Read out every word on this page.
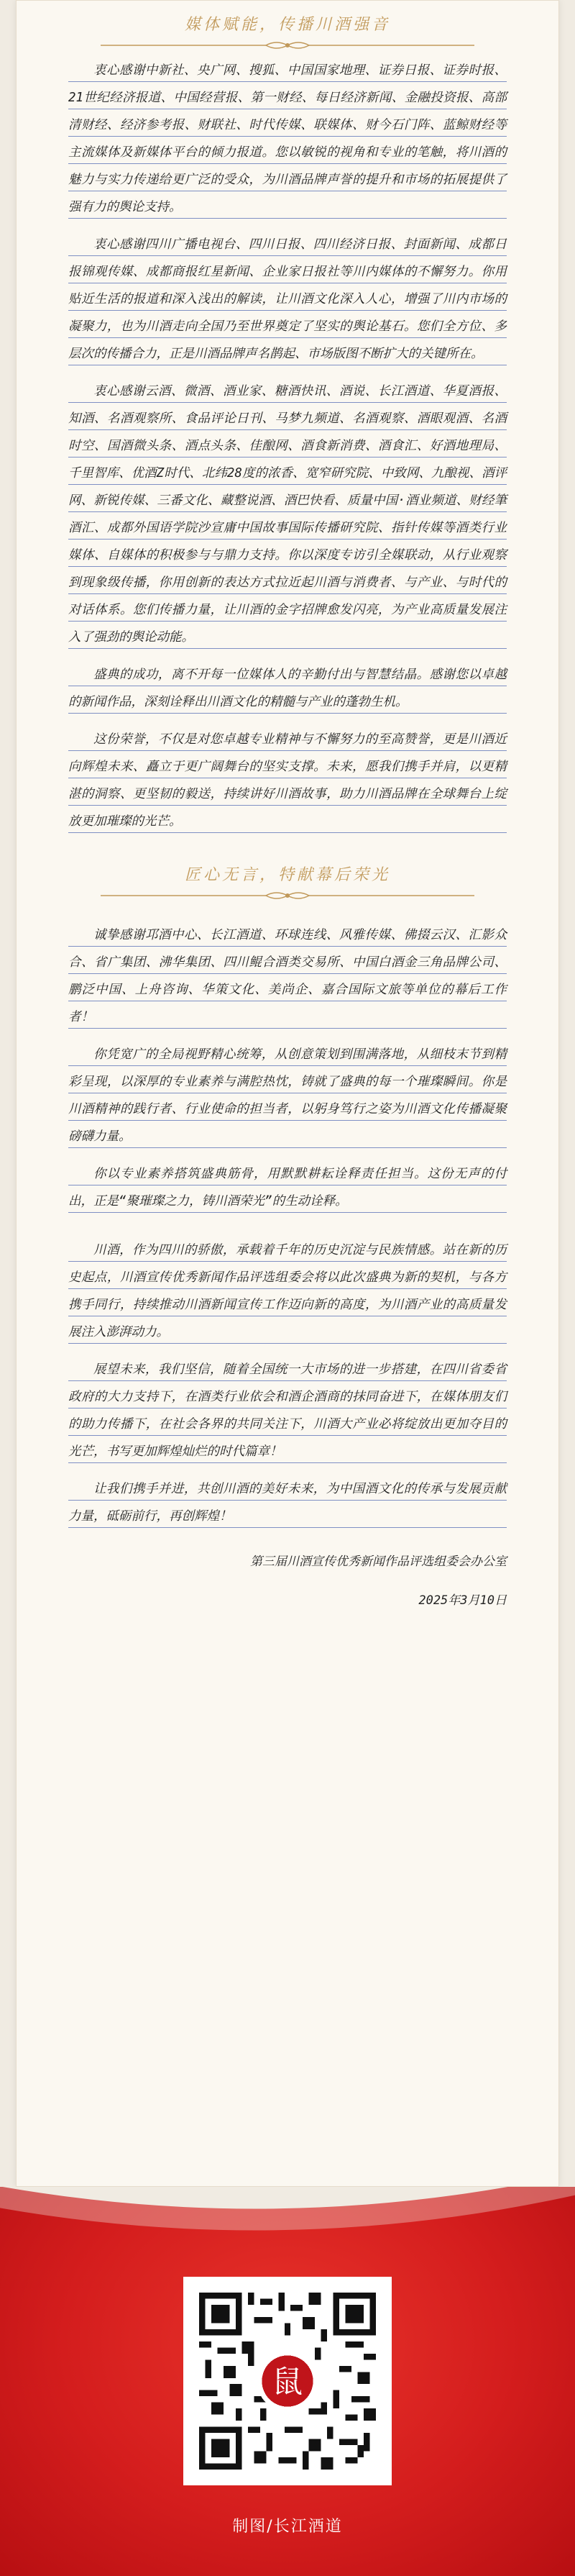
媒体赋能，传播川酒强音

衷心感谢中新社、央广网、搜狐、中国国家地理、证券日报、证券时报、21世纪经济报道、中国经营报、第一财经、每日经济新闻、金融投资报、高部清财经、经济参考报、财联社、时代传媒、联媒体、财今石门阵、蓝鲸财经等主流媒体及新媒体平台的倾力报道。您以敏锐的视角和专业的笔触，将川酒的魅力与实力传递给更广泛的受众，为川酒品牌声誉的提升和市场的拓展提供了强有力的舆论支持。

衷心感谢四川广播电视台、四川日报、四川经济日报、封面新闻、成都日报锦观传媒、成都商报红星新闻、企业家日报社等川内媒体的不懈努力。你用贴近生活的报道和深入浅出的解读，让川酒文化深入人心，增强了川内市场的凝聚力，也为川酒走向全国乃至世界奠定了坚实的舆论基石。您们全方位、多层次的传播合力，正是川酒品牌声名鹊起、市场版图不断扩大的关键所在。

衷心感谢云酒、微酒、酒业家、糖酒快讯、酒说、长江酒道、华夏酒报、知酒、名酒观察所、食品评论日刊、马梦九频道、名酒观察、酒眼观酒、名酒时空、国酒微头条、酒点头条、佳酿网、酒食新消费、酒食汇、好酒地理局、千里智库、优酒Z时代、北纬28度的浓香、宽窄研究院、中致网、九酿视、酒评网、新锐传媒、三番文化、藏整说酒、酒巴快看、质量中国·酒业频道、财经筆酒汇、成都外国语学院沙宣庸中国故事国际传播研究院、指针传媒等酒类行业媒体、自媒体的积极参与与鼎力支持。你以深度专访引全媒联动，从行业观察到现象级传播，你用创新的表达方式拉近起川酒与消费者、与产业、与时代的对话体系。您们传播力量，让川酒的金字招牌愈发闪亮，为产业高质量发展注入了强劲的舆论动能。

盛典的成功，离不开每一位媒体人的辛勤付出与智慧结晶。感谢您以卓越的新闻作品，深刻诠释出川酒文化的精髓与产业的蓬勃生机。

这份荣誉，不仅是对您卓越专业精神与不懈努力的至高赞誉，更是川酒近向辉煌未来、矗立于更广阔舞台的坚实支撑。未来，愿我们携手并肩，以更精湛的洞察、更坚韧的毅送，持续讲好川酒故事，助力川酒品牌在全球舞台上绽放更加璀璨的光芒。

匠心无言，特献幕后荣光

诚挚感谢邛酒中心、长江酒道、环球连线、风雅传媒、佛掇云汉、汇影众合、省广集团、沸华集团、四川鲲合酒类交易所、中国白酒金三角品牌公司、鹏泛中国、上舟咨询、华策文化、美尚企、嘉合国际文旅等单位的幕后工作者！

你凭宽广的全局视野精心统筹，从创意策划到围满落地，从细枝末节到精彩呈现，以深厚的专业素养与满腔热忱，铸就了盛典的每一个璀璨瞬间。你是川酒精神的践行者、行业使命的担当者，以躬身笃行之姿为川酒文化传播凝聚磅礴力量。

你以专业素养搭筑盛典筋骨，用默默耕耘诠释责任担当。这份无声的付出，正是“聚璀璨之力，铸川酒荣光”的生动诠释。

川酒，作为四川的骄傲，承载着千年的历史沉淀与民族情感。站在新的历史起点，川酒宣传优秀新闻作品评选组委会将以此次盛典为新的契机，与各方携手同行，持续推动川酒新闻宣传工作迈向新的高度，为川酒产业的高质量发展注入澎湃动力。

展望未来，我们坚信，随着全国统一大市场的进一步搭建，在四川省委省政府的大力支持下，在酒类行业依会和酒企酒商的抹同奋进下，在媒体朋友们的助力传播下，在社会各界的共同关注下，川酒大产业必将绽放出更加夺目的光芒，书写更加辉煌灿烂的时代篇章！

让我们携手并进，共创川酒的美好未来，为中国酒文化的传承与发展贡献力量，砥砺前行，再创辉煌！

第三届川酒宣传优秀新闻作品评选组委会办公室
2025年3月10日
鼠
制图/长江酒道
